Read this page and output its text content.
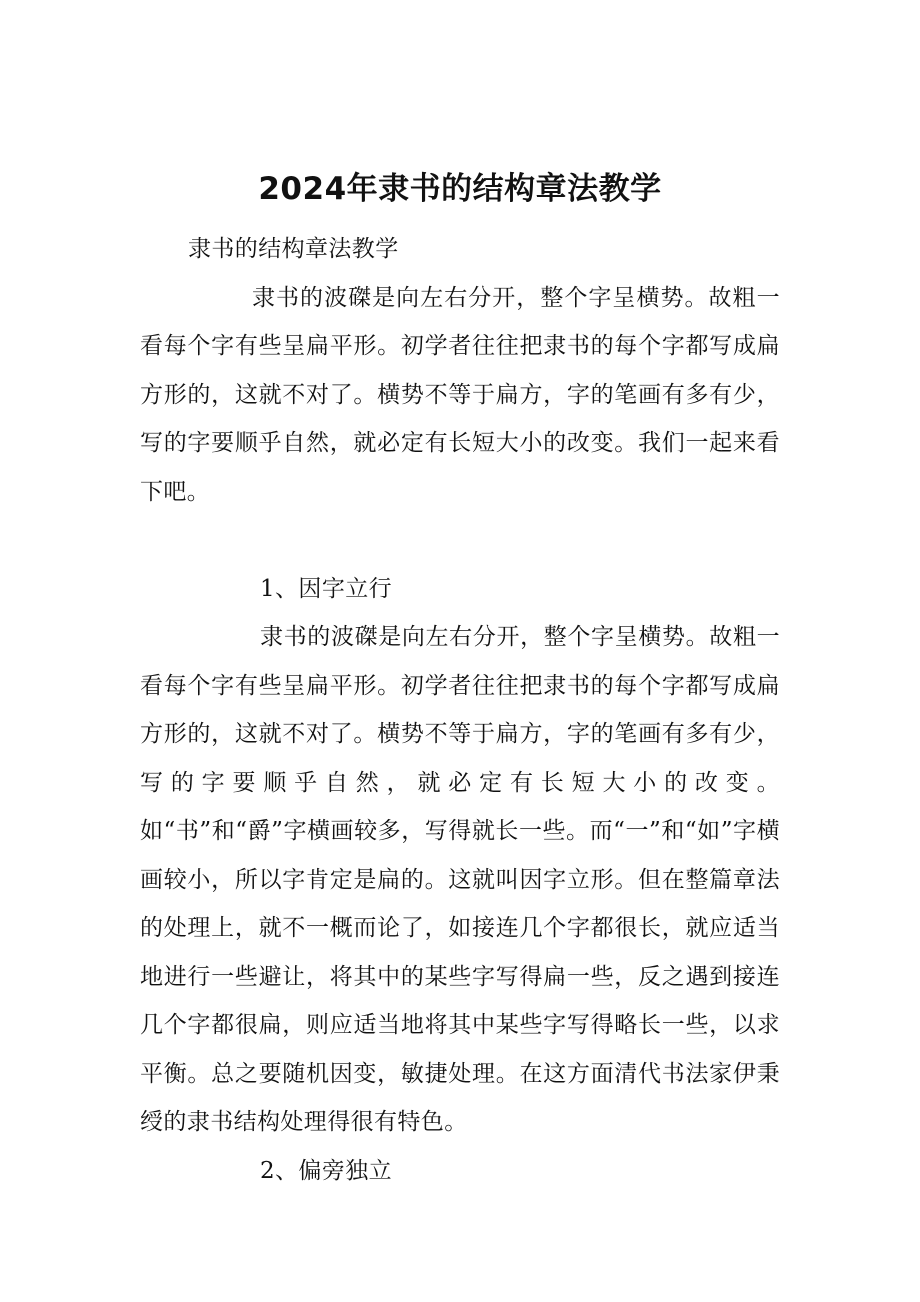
2024年隶书的结构章法教学

隶书的结构章法教学

隶书的波磔是向左右分开，整个字呈横势。故粗一看每个字有些呈扁平形。初学者往往把隶书的每个字都写成扁方形的，这就不对了。横势不等于扁方，字的笔画有多有少，写的字要顺乎自然，就必定有长短大小的改变。我们一起来看下吧。

1、因字立行

隶书的波磔是向左右分开，整个字呈横势。故粗一看每个字有些呈扁平形。初学者往往把隶书的每个字都写成扁方形的，这就不对了。横势不等于扁方，字的笔画有多有少，写的字要顺乎自然，就必定有长短大小的改变。如“书”和“爵”字横画较多，写得就长一些。而“一”和“如”字横画较小，所以字肯定是扁的。这就叫因字立形。但在整篇章法的处理上，就不一概而论了，如接连几个字都很长，就应适当地进行一些避让，将其中的某些字写得扁一些，反之遇到接连几个字都很扁，则应适当地将其中某些字写得略长一些，以求平衡。总之要随机因变，敏捷处理。在这方面清代书法家伊秉绶的隶书结构处理得很有特色。

2、偏旁独立
